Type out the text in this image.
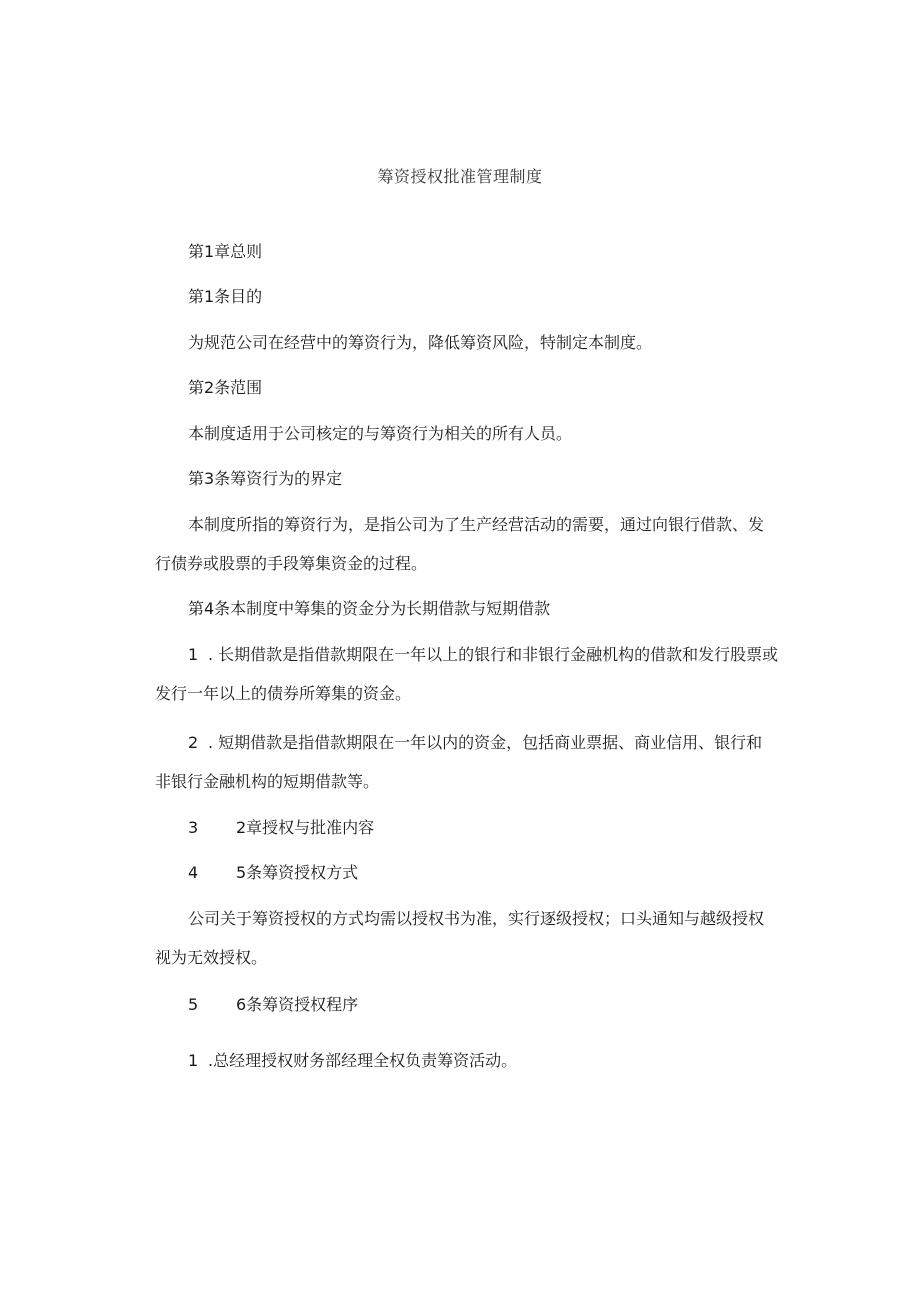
筹资授权批准管理制度
第1章总则
第1条目的
为规范公司在经营中的筹资行为，降低筹资风险，特制定本制度。
第2条范围
本制度适用于公司核定的与筹资行为相关的所有人员。
第3条筹资行为的界定
本制度所指的筹资行为，是指公司为了生产经营活动的需要，通过向银行借款、发
行债券或股票的手段筹集资金的过程。
第4条本制度中筹集的资金分为长期借款与短期借款
1 . 长期借款是指借款期限在一年以上的银行和非银行金融机构的借款和发行股票或
发行一年以上的债券所筹集的资金。
2 . 短期借款是指借款期限在一年以内的资金，包括商业票据、商业信用、银行和
非银行金融机构的短期借款等。
3 2章授权与批准内容
4 5条筹资授权方式
公司关于筹资授权的方式均需以授权书为准，实行逐级授权；口头通知与越级授权
视为无效授权。
5 6条筹资授权程序
1 .总经理授权财务部经理全权负责筹资活动。
